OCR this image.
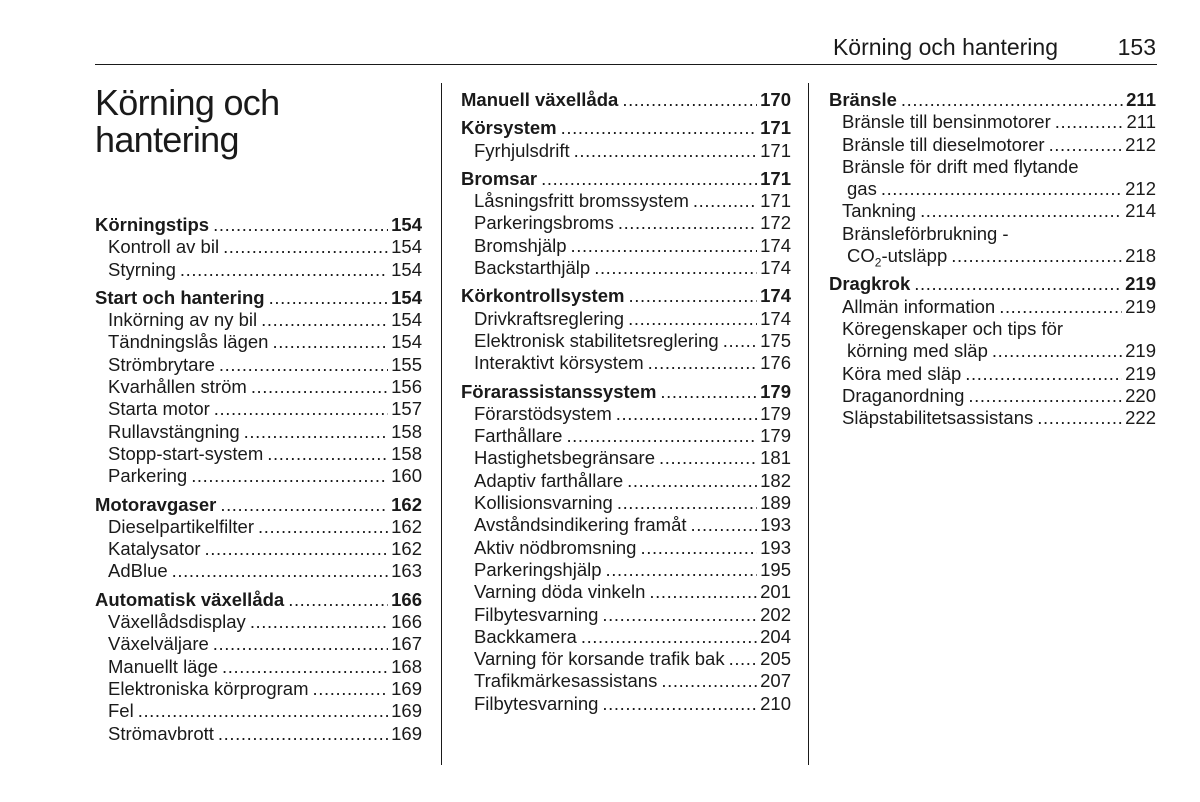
Körning och hantering	153
Körning och
hantering
Körningstips .....	154
Kontroll av bil .....	154
Styrning .....	154
Start och hantering .....	154
Inkörning av ny bil .....	154
Tändningslås lägen .....	154
Strömbrytare .....	155
Kvarhållen ström .....	156
Starta motor .....	157
Rullavstängning .....	158
Stopp-start-system .....	158
Parkering .....	160
Motoravgaser .....	162
Dieselpartikelfilter .....	162
Katalysator .....	162
AdBlue .....	163
Automatisk växellåda .....	166
Växellådsdisplay .....	166
Växelväljare .....	167
Manuellt läge .....	168
Elektroniska körprogram .....	169
Fel .....	169
Strömavbrott .....	169
Manuell växellåda .....	170
Körsystem .....	171
Fyrhjulsdrift .....	171
Bromsar .....	171
Låsningsfritt bromssystem .....	171
Parkeringsbroms .....	172
Bromshjälp .....	174
Backstarthjälp .....	174
Körkontrollsystem .....	174
Drivkraftsreglering .....	174
Elektronisk stabilitetsreglering ..... 175
Interaktivt körsystem .....	176
Förarassistanssystem .....	179
Förarstödsystem .....	179
Farthållare .....	179
Hastighetsbegränsare .....	181
Adaptiv farthållare .....	182
Kollisionsvarning .....	189
Avståndsindikering framåt .....	193
Aktiv nödbromsning .....	193
Parkeringshjälp .....	195
Varning döda vinkeln .....	201
Filbytesvarning .....	202
Backkamera .....	204
Varning för korsande trafik bak ..... 205
Trafikmärkesassistans .....	207
Filbytesvarning .....	210
Bränsle .....	211
Bränsle till bensinmotorer .....	211
Bränsle till dieselmotorer .....	212
Bränsle för drift med flytande
gas .....	212
Tankning .....	214
Bränsleförbrukning -
$CO_2$-utsläpp .....	218
Dragkrok .....	219
Allmän information .....	219
Köregenskaper och tips för
körning med släp .....	219
Köra med släp .....	219
Draganordning .....	220
Släpstabilitetsassistans .....	222
